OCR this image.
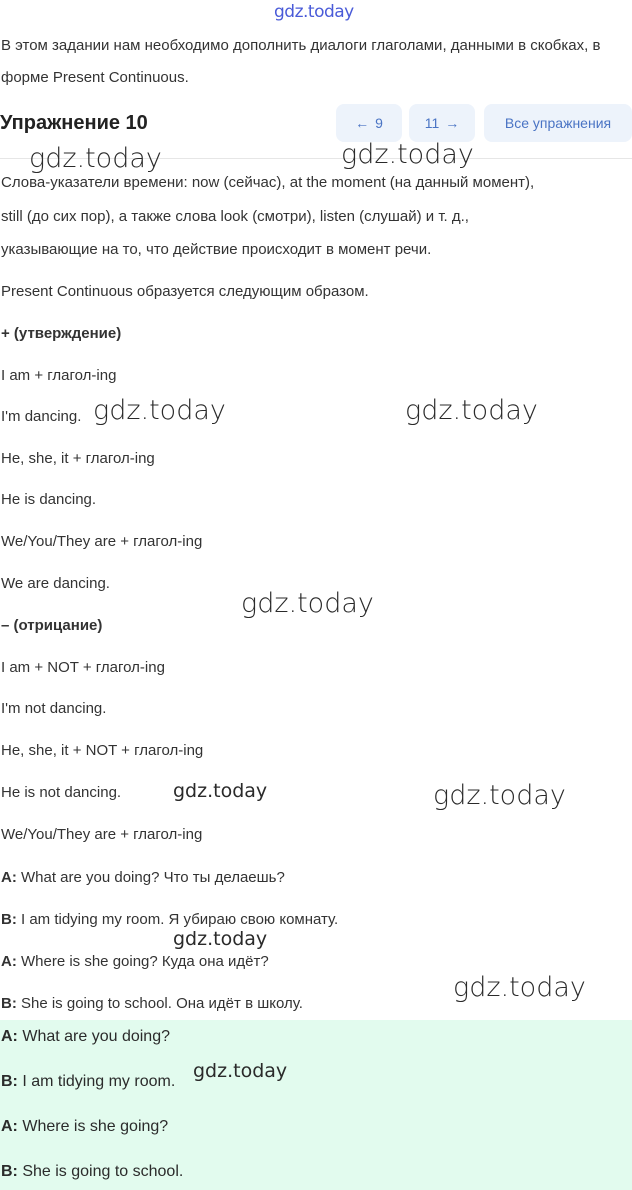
gdz.today
В этом задании нам необходимо дополнить диалоги глаголами, данными в скобках, в форме Present Continuous.
Упражнение 10	← 9	11 →	Все упражнения
Слова-указатели времени: now (сейчас), at the moment (на данный момент),
still (до сих пор), а также слова look (смотри), listen (слушай) и т. д.,
указывающие на то, что действие происходит в момент речи.
Present Continuous образуется следующим образом.
+ (утверждение)
I am + глагол-ing
I'm dancing.
He, she, it + глагол-ing
He is dancing.
We/You/They are + глагол-ing
We are dancing.
– (отрицание)
I am + NOT + глагол-ing
I'm not dancing.
He, she, it + NOT + глагол-ing
He is not dancing.
We/You/They are + глагол-ing
A: What are you doing? Что ты делаешь?
B: I am tidying my room. Я убираю свою комнату.
A: Where is she going? Куда она идёт?
B: She is going to school. Она идёт в школу.
A: What are you doing?
B: I am tidying my room.
A: Where is she going?
B: She is going to school.
gdz.today	gdz.today
gdz.today	gdz.today
gdz.today
gdz.today	gdz.today
gdz.today
gdz.today
gdz.today
